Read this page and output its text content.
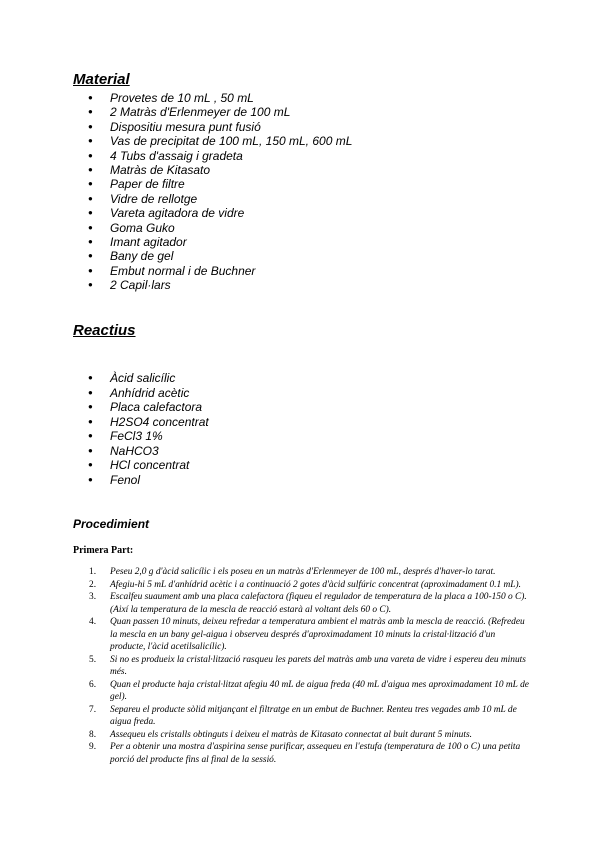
Material
● Provetes de 10 mL , 50 mL
● 2 Matràs d'Erlenmeyer de 100 mL
● Dispositiu mesura punt fusió
● Vas de precipitat de 100 mL, 150 mL, 600 mL
● 4 Tubs d'assaig i gradeta
● Matràs de Kitasato
● Paper de filtre
● Vidre de rellotge
● Vareta agitadora de vidre
● Goma Guko
● Imant agitador
● Bany de gel
● Embut normal i de Buchner
● 2 Capil·lars
Reactius
● Àcid salicílic
● Anhídrid acètic
● Placa calefactora
● H2SO4 concentrat
● FeCl3 1%
● NaHCO3
● HCl concentrat
● Fenol
Procedimient
Primera Part:
1. Peseu 2,0 g d'àcid salicílic i els poseu en un matràs d'Erlenmeyer de 100 mL, després d'haver-lo tarat.
2. Afegiu-hi 5 mL d'anhídrid acètic i a continuació 2 gotes d'àcid sulfúric concentrat (aproximadament 0.1 mL).
3. Escalfeu suaument amb una placa calefactora (fiqueu el regulador de temperatura de la placa a 100-150 o C). (Així la temperatura de la mescla de reacció estarà al voltant dels 60 o C).
4. Quan passen 10 minuts, deixeu refredar a temperatura ambient el matràs amb la mescla de reacció. (Refredeu la mescla en un bany gel-aigua i observeu després d'aproximadament 10 minuts la cristal·lització d'un producte, l'àcid acetilsalicílic).
5. Si no es produeix la cristal·lització rasqueu les parets del matràs amb una vareta de vidre i espereu deu minuts més.
6. Quan el producte haja cristal·litzat afegiu 40 mL de aigua freda (40 mL d'aigua mes aproximadament 10 mL de gel).
7. Separeu el producte sòlid mitjançant el filtratge en un embut de Buchner. Renteu tres vegades amb 10 mL de aigua freda.
8. Assequeu els cristalls obtinguts i deixeu el matràs de Kitasato connectat al buit durant 5 minuts.
9. Per a obtenir una mostra d'aspirina sense purificar, assequeu en l'estufa (temperatura de 100 o C) una petita porció del producte fins al final de la sessió.
